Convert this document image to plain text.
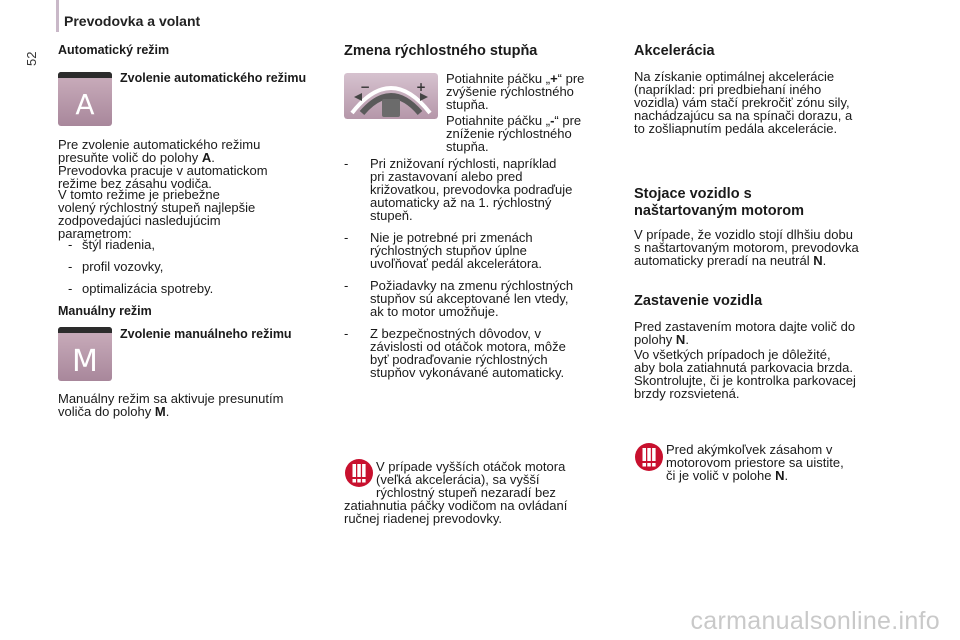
Prevodovka a volant
52
Automatický režim
A
Zvolenie automatického režimu
Pre zvolenie automatického režimu
presuňte volič do polohy A.
Prevodovka pracuje v automatickom
režime bez zásahu vodiča.
V tomto režime je priebežne
volený rýchlostný stupeň najlepšie
zodpovedajúci nasledujúcim
parametrom:
- štýl riadenia,
- profil vozovky,
- optimalizácia spotreby.
Manuálny režim
M
Zvolenie manuálneho režimu
Manuálny režim sa aktivuje presunutím
voliča do polohy M.
Zmena rýchlostného stupňa
−	+
Potiahnite páčku „+“ pre
zvýšenie rýchlostného
stupňa.
Potiahnite páčku „-“ pre
zníženie rýchlostného
stupňa.
-	Pri znižovaní rýchlosti, napríklad
pri zastavovaní alebo pred
križovatkou, prevodovka podraďuje
automaticky až na 1. rýchlostný
stupeň.
-	Nie je potrebné pri zmenách
rýchlostných stupňov úplne
uvoľňovať pedál akcelerátora.
-	Požiadavky na zmenu rýchlostných
stupňov sú akceptované len vtedy,
ak to motor umožňuje.
-	Z bezpečnostných dôvodov, v
závislosti od otáčok motora, môže
byť podraďovanie rýchlostných
stupňov vykonávané automaticky.
V prípade vyšších otáčok motora
(veľká akcelerácia), sa vyšší
rýchlostný stupeň nezaradí bez
zatiahnutia páčky vodičom na ovládaní
ručnej riadenej prevodovky.
Akcelerácia
Na získanie optimálnej akcelerácie
(napríklad: pri predbiehaní iného
vozidla) vám stačí prekročiť zónu sily,
nachádzajúcu sa na spínači dorazu, a
to zošliapnutím pedála akcelerácie.
Stojace vozidlo s
naštartovaným motorom
V prípade, že vozidlo stojí dlhšiu dobu
s naštartovaným motorom, prevodovka
automaticky preradí na neutrál N.
Zastavenie vozidla
Pred zastavením motora dajte volič do
polohy N.
Vo všetkých prípadoch je dôležité,
aby bola zatiahnutá parkovacia brzda.
Skontrolujte, či je kontrolka parkovacej
brzdy rozsvietená.
Pred akýmkoľvek zásahom v
motorovom priestore sa uistite,
či je volič v polohe N.
carmanualsonline.info
